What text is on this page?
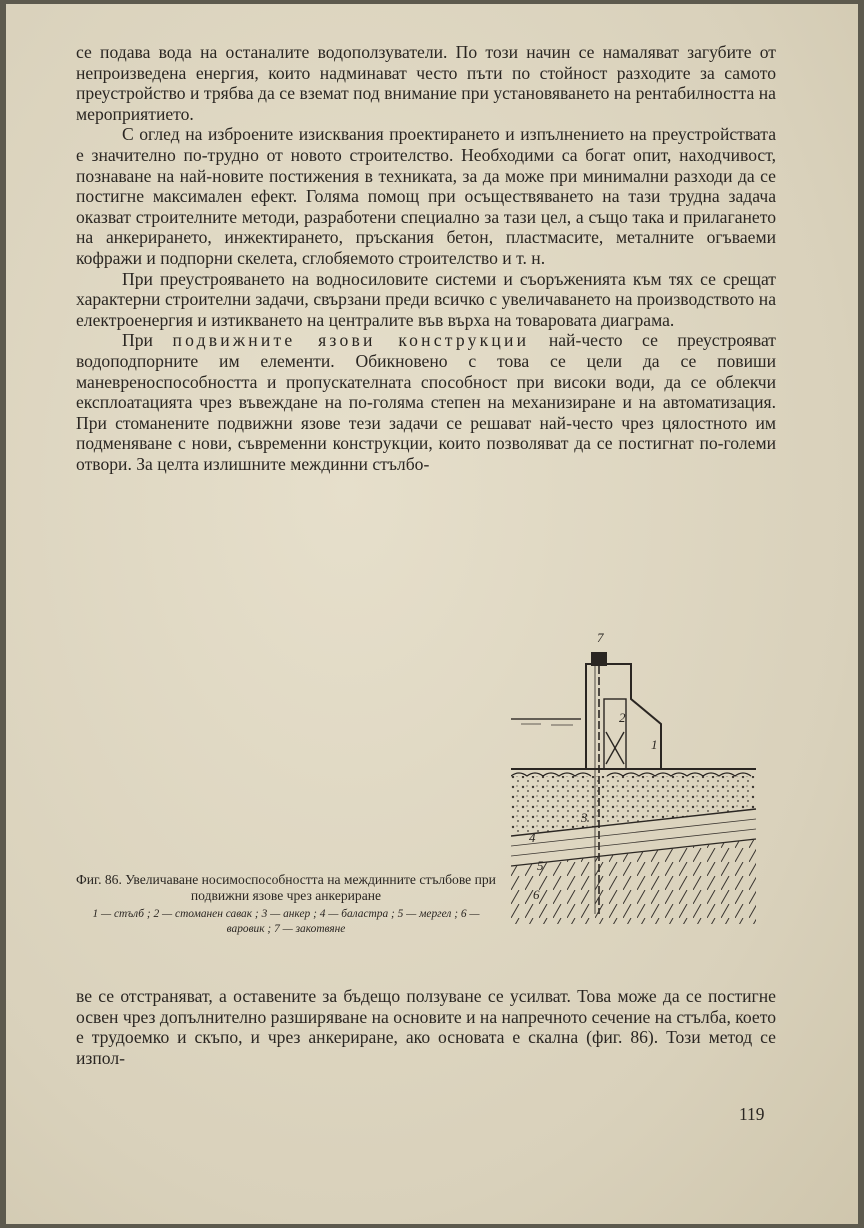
се подава вода на останалите водоползуватели. По този начин се намаляват загубите от непроизведена енергия, които надминават често пъти по стойност разходите за самото преустройство и трябва да се вземат под внимание при установяването на рентабилността на мероприятието.

С оглед на изброените изисквания проектирането и изпълнението на преустройствата е значително по-трудно от новото строителство. Необходими са богат опит, находчивост, познаване на най-новите постижения в техниката, за да може при минимални разходи да се постигне максимален ефект. Голяма помощ при осъществяването на тази трудна задача оказват строителните методи, разработени специално за тази цел, а също така и прилагането на анкерирането, инжектирането, пръскания бетон, пластмасите, металните огъваеми кофражи и подпорни скелета, сглобяемото строителство и т. н.

При преустрояването на водносиловите системи и съоръженията към тях се срещат характерни строителни задачи, свързани преди всичко с увеличаването на производството на електроенергия и изтикването на централите във върха на товаровата диаграма.

При подвижните язови конструкции най-често се преустрояват водоподпорните им елементи. Обикновено с това се цели да се повиши маневреноспособността и пропускателната способност при високи води, да се облекчи експлоатацията чрез въвеждане на по-голяма степен на механизиране и на автоматизация. При стоманените подвижни язове тези задачи се решават най-често чрез цялостното им подменяване с нови, съвременни конструкции, които позволяват да се постигнат по-големи отвори. За целта излишните междинни стълбо-

7
2
1
3
4
5
6
Фиг. 86. Увеличаване носимоспособността на междинните стълбове при подвижни язове чрез анкериране
1 — стълб ; 2 — стоманен савак ; 3 — анкер ; 4 — баластра ; 5 — мергел ; 6 — варовик ; 7 — закотвяне

ве се отстраняват, а оставените за бъдещо ползуване се усилват. Това може да се постигне освен чрез допълнително разширяване на основите и на напречното сечение на стълба, което е трудоемко и скъпо, и чрез анкериране, ако основата е скална (фиг. 86). Този метод се изпол-

119
